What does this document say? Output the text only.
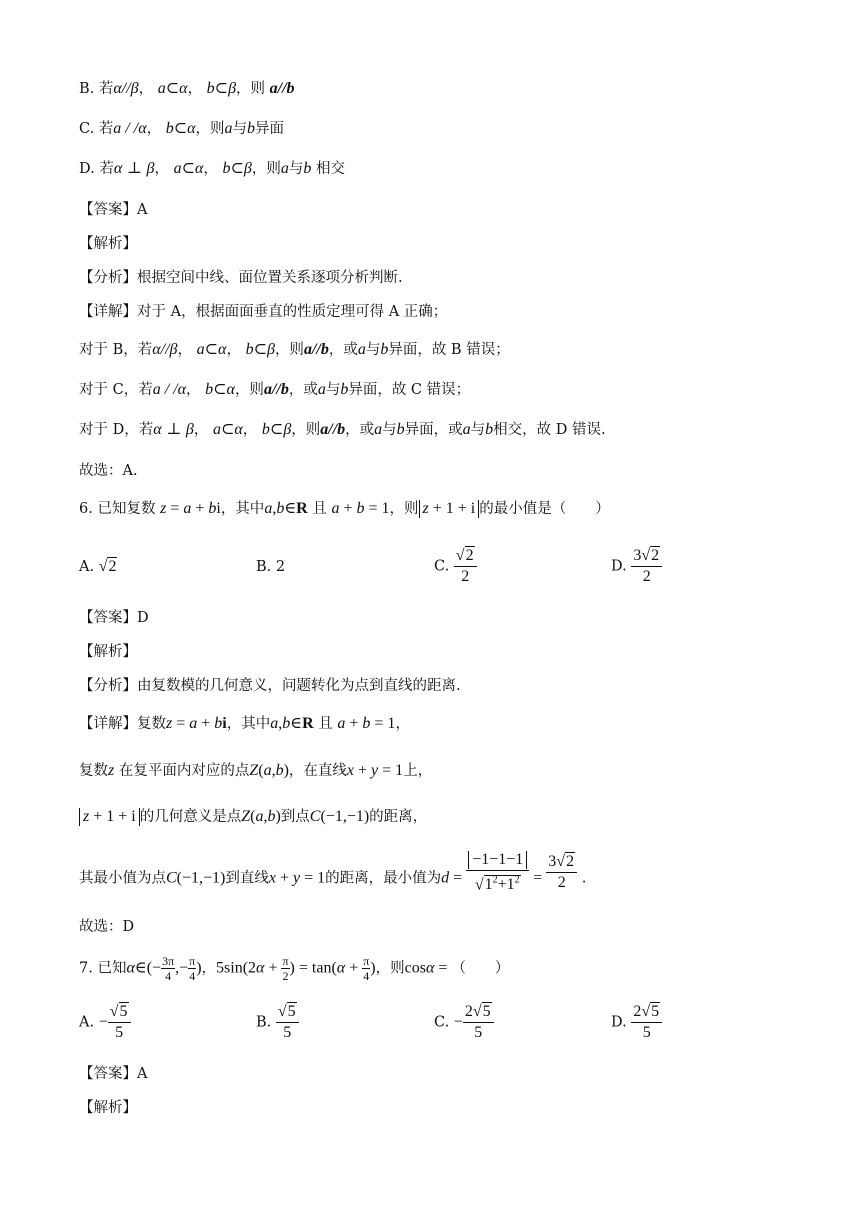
B. 若α//β， a⊂α， b⊂β，则 a//b
C. 若a / /α， b⊂α，则a与b异面
D. 若α ⊥ β， a⊂α， b⊂β，则a与b 相交
【答案】A
【解析】
【分析】根据空间中线、面位置关系逐项分析判断.
【详解】对于 A，根据面面垂直的性质定理可得 A 正确；
对于 B，若α//β， a⊂α， b⊂β，则a//b，或a与b异面，故 B 错误；
对于 C，若a / /α， b⊂α，则a//b，或a与b异面，故 C 错误；
对于 D，若α ⊥ β， a⊂α， b⊂β，则a//b，或a与b异面，或a与b相交，故 D 错误.
故选：A.
6. 已知复数 z = a + bi，其中a,b∈R 且 a + b = 1，则 z + 1 + i 的最小值是（　　）
A. √2	B. 2	C. $\frac{√2}{2}$	D. $\frac{3√2}{2}$
【答案】D
【解析】
【分析】由复数模的几何意义，问题转化为点到直线的距离.
【详解】复数z = a + bi，其中a,b∈R 且 a + b = 1，
复数z 在复平面内对应的点Z(a,b)，在直线x + y = 1上，
z + 1 + i 的几何意义是点Z(a,b)到点C(−1,−1)的距离，
其最小值为点C(−1,−1)到直线x + y = 1的距离，最小值为$d = \frac{-1-1-1}{√1^2+1^2} = \frac{3√2}{2}$ .
故选：D
7. 已知α∈(− $\frac{3\pi}{4}$ ,− $\frac{\pi}{4}$ )，$5\sin(2\alpha + \frac{\pi}{2}$ ) = $\tan(\alpha + \frac{\pi}{4}$ )，则cosα = （　　）
A. − $\frac{√5}{5}$	B. $\frac{√5}{5}$	C. − $\frac{2√5}{5}$	D. $\frac{2√5}{5}$
【答案】A
【解析】
